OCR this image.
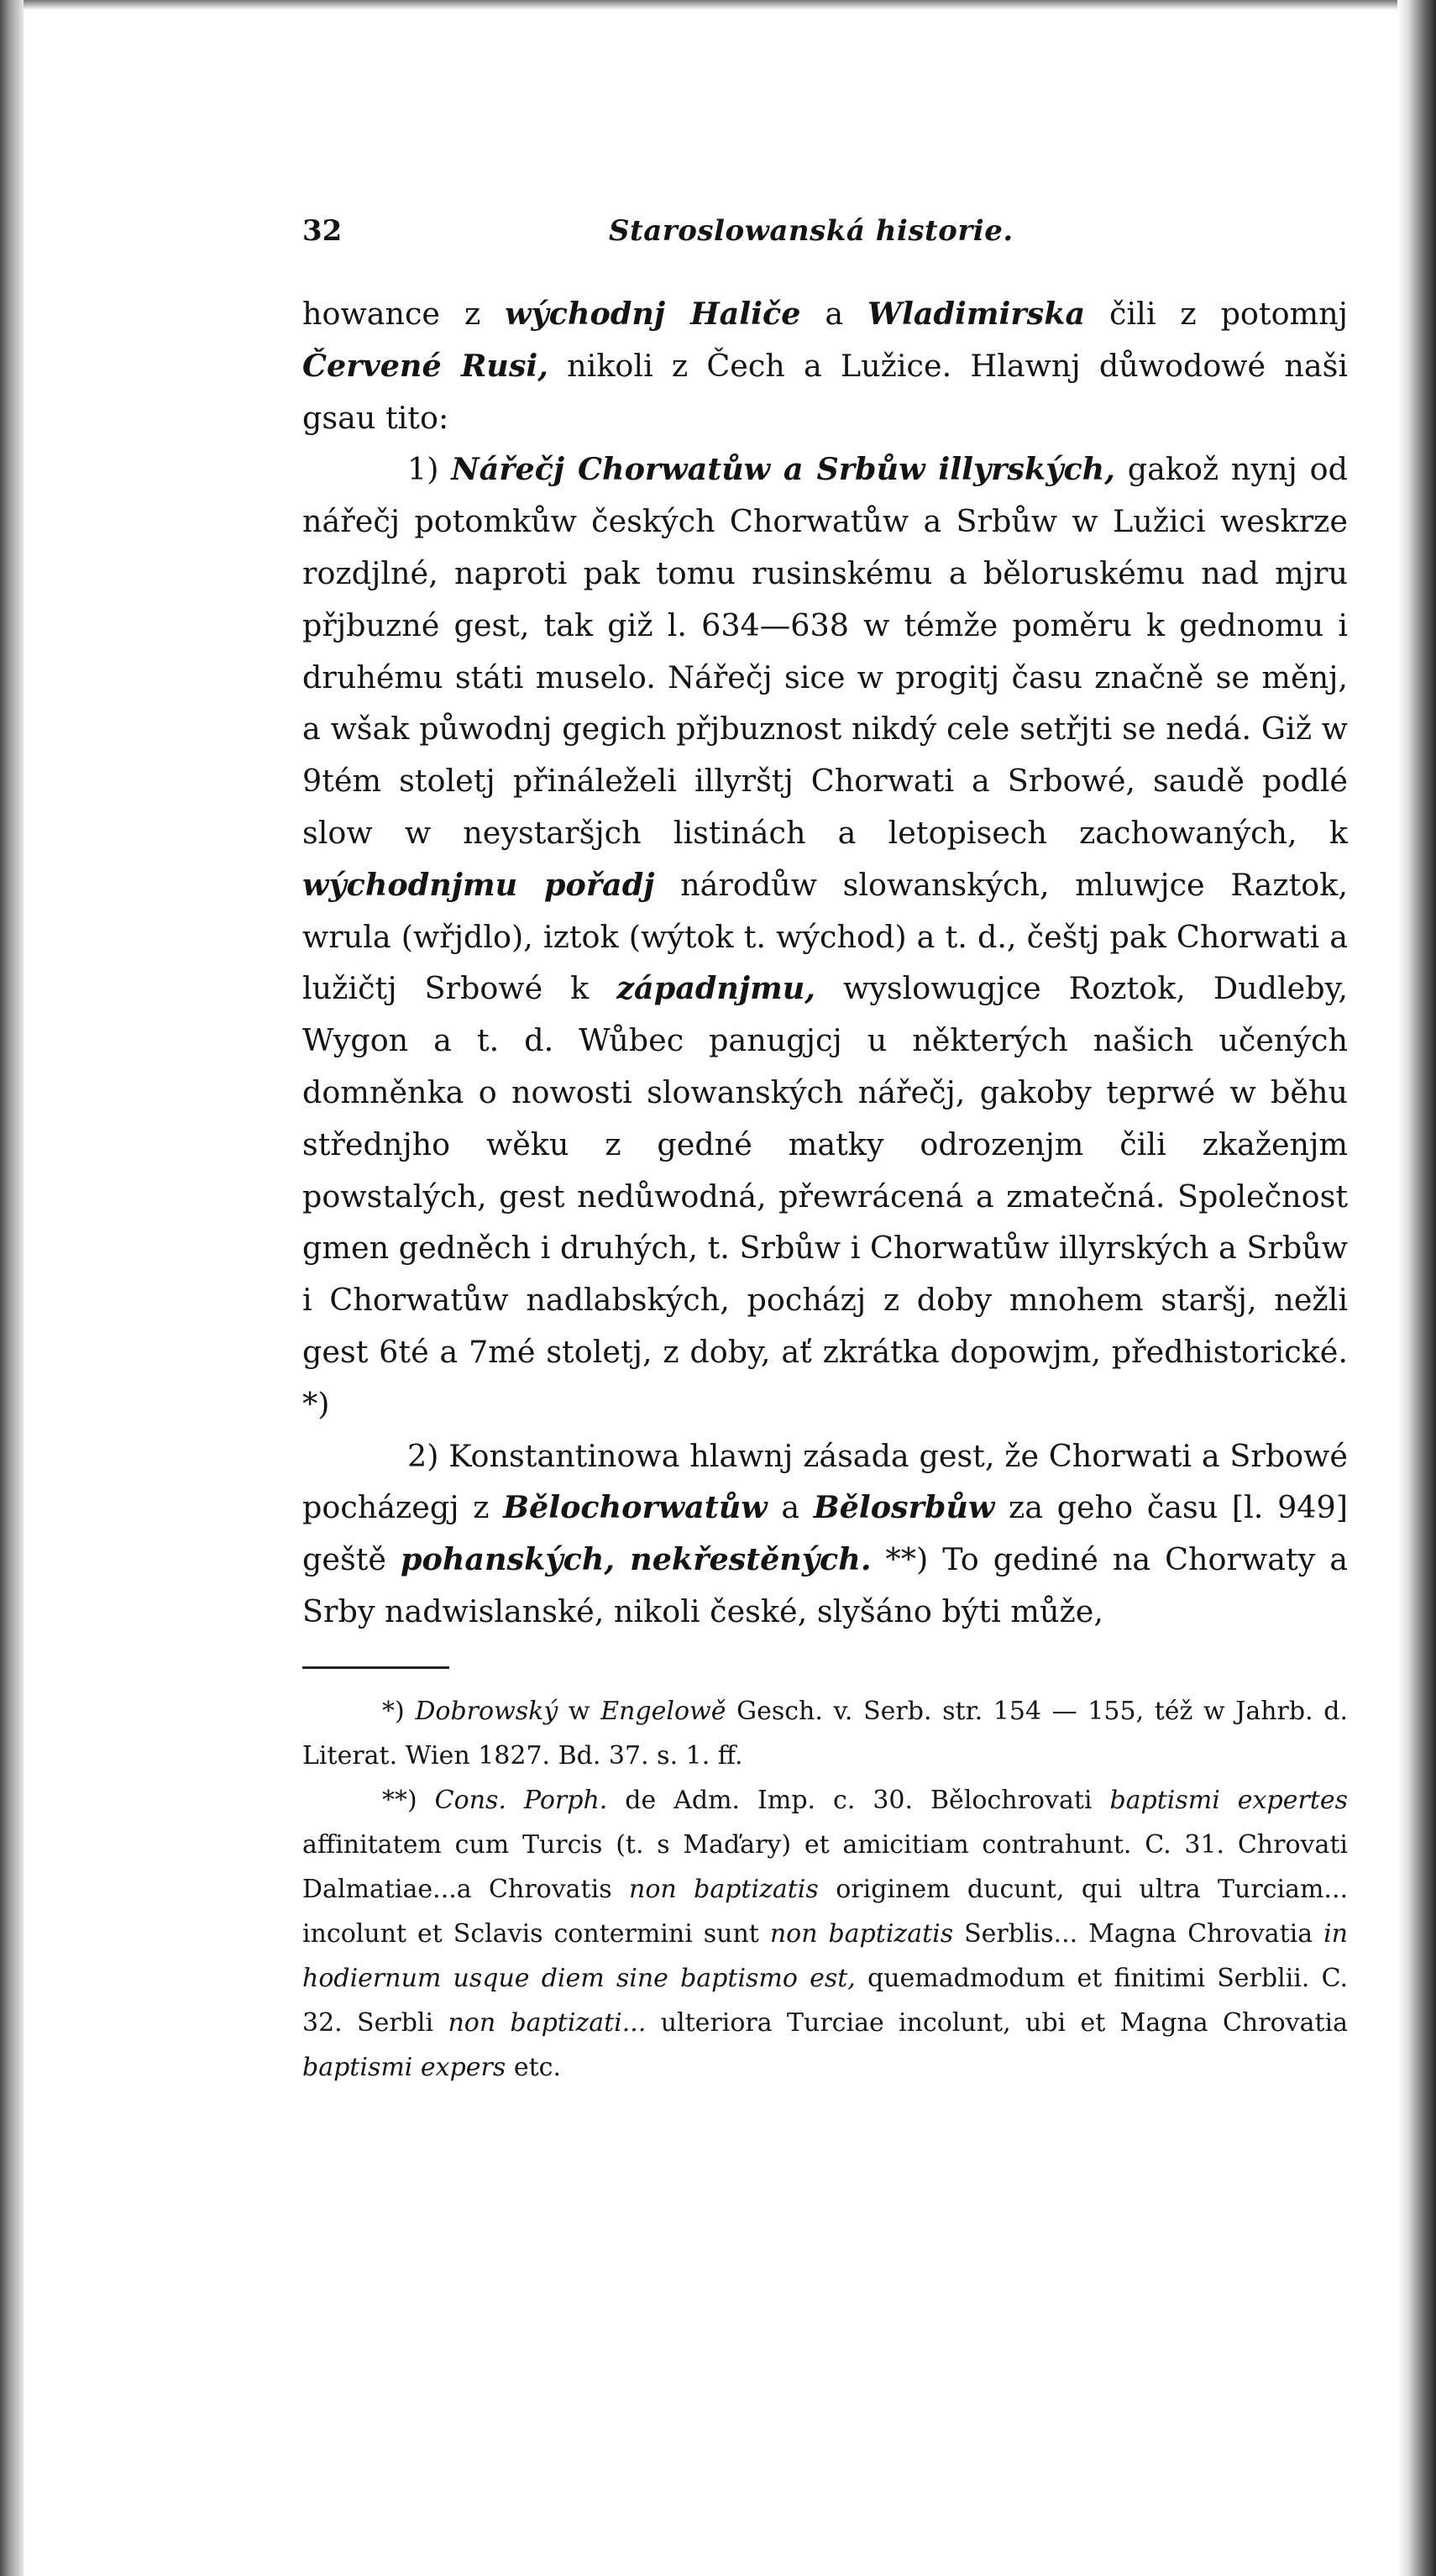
32	Staroslowanská historie.

howance z wýchodnj Haliče a Wladimirska čili z potomnj Červené Rusi, nikoli z Čech a Lužice. Hlawnj důwodowé naši gsau tito:

1) Nářečj Chorwatůw a Srbůw illyrských, gakož nynj od nářečj potomkůw českých Chorwatůw a Srbůw w Lužici weskrze rozdjlné, naproti pak tomu rusinskému a běloruskému nad mjru přjbuzné gest, tak giž l. 634—638 w témže poměru k gednomu i druhému státi muselo. Nářečj sice w progitj času značně se měnj, a wšak půwodnj gegich přjbuznost nikdý cele setřjti se nedá. Giž w 9tém stoletj přináleželi illyrštj Chorwati a Srbowé, saudě podlé slow w neystaršjch listinách a letopisech zachowaných, k wýchodnjmu pořadj národůw slowanských, mluwjce Raztok, wrula (wřjdlo), iztok (wýtok t. wýchod) a t. d., češtj pak Chorwati a lužičtj Srbowé k západnjmu, wyslowugjce Roztok, Dudleby, Wygon a t. d. Wůbec panugjcj u některých našich učených domněnka o nowosti slowanských nářečj, gakoby teprwé w běhu střednjho wěku z gedné matky odrozenjm čili zkaženjm powstalých, gest nedůwodná, přewrácená a zmatečná. Společnost gmen gedněch i druhých, t. Srbůw i Chorwatůw illyrských a Srbůw i Chorwatůw nadlabských, pocházj z doby mnohem staršj, nežli gest 6té a 7mé stoletj, z doby, ať zkrátka dopowjm, předhistorické. *)

2) Konstantinowa hlawnj zásada gest, že Chorwati a Srbowé pocházegj z Bělochorwatůw a Bělosrbůw za geho času [l. 949] geště pohanských, nekřestěných. **) To gediné na Chorwaty a Srby nadwislanské, nikoli české, slyšáno býti může,

*) Dobrowský w Engelowě Gesch. v. Serb. str. 154 — 155, též w Jahrb. d. Literat. Wien 1827. Bd. 37. s. 1. ff.

**) Cons. Porph. de Adm. Imp. c. 30. Bělochrovati baptismi expertes affinitatem cum Turcis (t. s Maďary) et amicitiam contrahunt. C. 31. Chrovati Dalmatiae...a Chrovatis non baptizatis originem ducunt, qui ultra Turciam... incolunt et Sclavis contermini sunt non baptizatis Serblis... Magna Chrovatia in hodiernum usque diem sine baptismo est, quemadmodum et finitimi Serblii. C. 32. Serbli non baptizati... ulteriora Turciae incolunt, ubi et Magna Chrovatia baptismi expers etc.
